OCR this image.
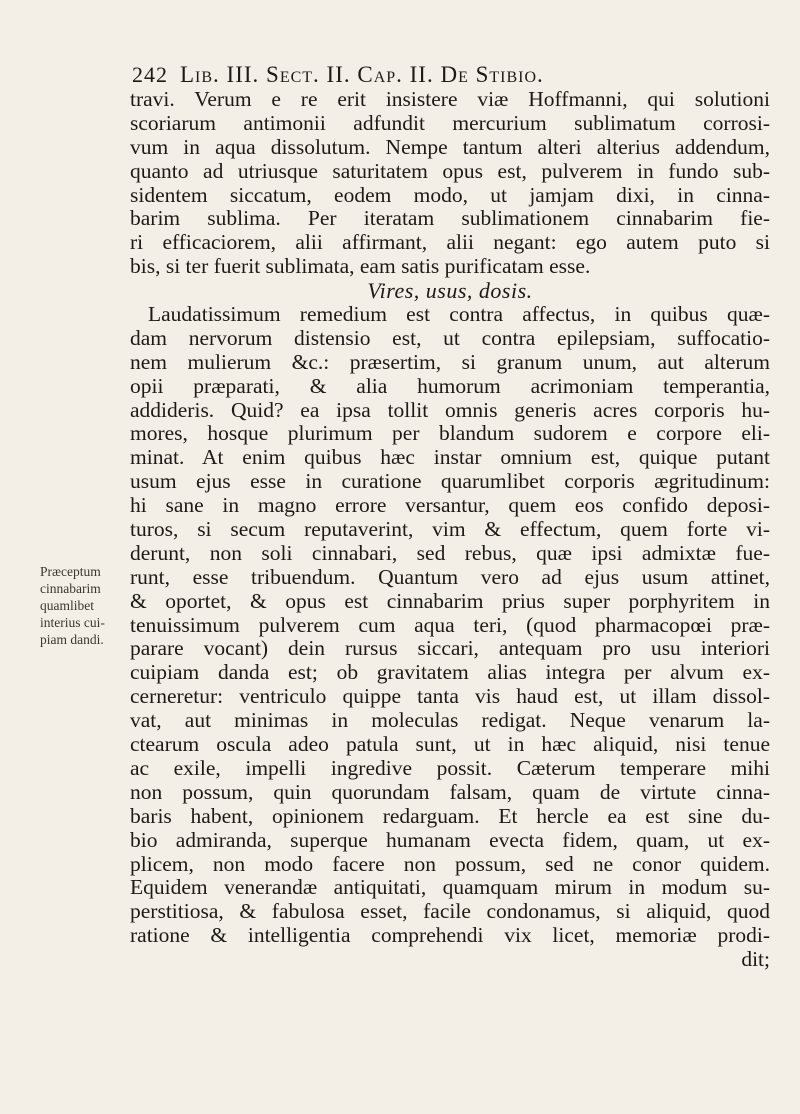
242 Lib. III. Sect. II. Cap. II. De Stibio.
travi. Verum e re erit insistere viæ Hoffmanni, qui solutioni
scoriarum antimonii adfundit mercurium sublimatum corrosi-
vum in aqua dissolutum. Nempe tantum alteri alterius addendum,
quanto ad utriusque saturitatem opus est, pulverem in fundo sub-
sidentem siccatum, eodem modo, ut jamjam dixi, in cinna-
barim sublima. Per iteratam sublimationem cinnabarim fie-
ri efficaciorem, alii affirmant, alii negant: ego autem puto si
bis, si ter fuerit sublimata, eam satis purificatam esse.
Vires, usus, dosis.
Laudatissimum remedium est contra affectus, in quibus quæ-
dam nervorum distensio est, ut contra epilepsiam, suffocatio-
nem mulierum &c.: præsertim, si granum unum, aut alterum
opii præparati, & alia humorum acrimoniam temperantia,
addideris. Quid? ea ipsa tollit omnis generis acres corporis hu-
mores, hosque plurimum per blandum sudorem e corpore eli-
minat. At enim quibus hæc instar omnium est, quique putant
usum ejus esse in curatione quarumlibet corporis ægritudinum:
hi sane in magno errore versantur, quem eos confido deposi-
turos, si secum reputaverint, vim & effectum, quem forte vi-
derunt, non soli cinnabari, sed rebus, quæ ipsi admixtæ fue-
runt, esse tribuendum. Quantum vero ad ejus usum attinet,
& oportet, & opus est cinnabarim prius super porphyritem in
tenuissimum pulverem cum aqua teri, (quod pharmacopœi præ-
parare vocant) dein rursus siccari, antequam pro usu interiori
cuipiam danda est; ob gravitatem alias integra per alvum ex-
cerneretur: ventriculo quippe tanta vis haud est, ut illam dissol-
vat, aut minimas in moleculas redigat. Neque venarum la-
ctearum oscula adeo patula sunt, ut in hæc aliquid, nisi tenue
ac exile, impelli ingredive possit. Cæterum temperare mihi
non possum, quin quorundam falsam, quam de virtute cinna-
baris habent, opinionem redarguam. Et hercle ea est sine du-
bio admiranda, superque humanam evecta fidem, quam, ut ex-
plicem, non modo facere non possum, sed ne conor quidem.
Equidem venerandæ antiquitati, quamquam mirum in modum su-
perstitiosa, & fabulosa esset, facile condonamus, si aliquid, quod
ratione & intelligentia comprehendi vix licet, memoriæ prodi-
dit;
Præceptum
cinnabarim
quamlibet
interius cui-
piam dandi.
